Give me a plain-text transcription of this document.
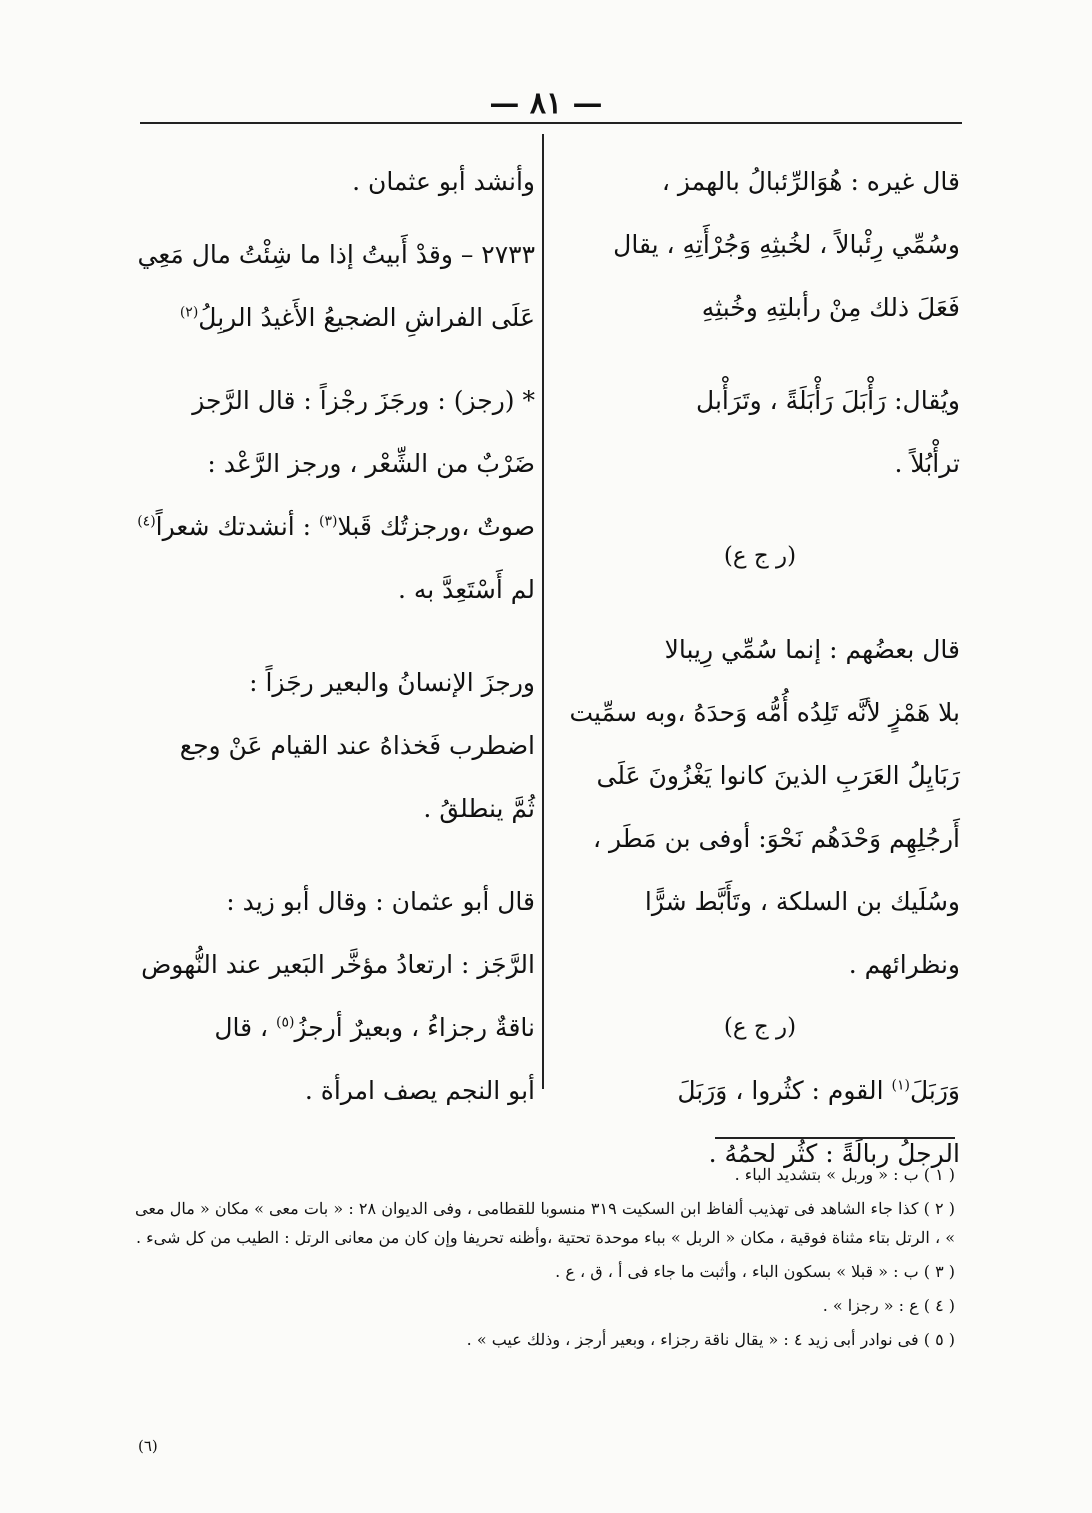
— ٨١ —

قال غيره : هُوَالرِّئبالُ بالهمز ،

وسُمِّي رِئْبالاً ، لخُبثِهِ وَجُرْأَتِهِ ، يقال

فَعَلَ ذلك مِنْ رأبلتِهِ وخُبثِهِ

ويُقال: رَأْبَلَ رَأْبَلَةً ، وتَرَأْبل

ترأْبُلاً .

(ر ج ع)

قال بعضُهم : إنما سُمِّي رِيبالا

بلا هَمْزٍ لأنَّه تَلِدُه أُمُّه وَحدَهُ ،وبه سمِّيت

رَبَايِلُ العَرَبِ الذينَ كانوا يَغْزُونَ عَلَى

أَرجُلِهِم وَحْدَهُم نَحْوَ: أوفى بن مَطَر ،

وسُلَيك بن السلكة ، وتَأَبَّط شرًّا

ونظرائهم .

(ر ج ع)

وَرَبَلَ$^{(١)}$ القوم : كثُروا ، وَرَبَلَ

الرجلُ ربالَةً : كثُر لحمُهُ .

وأنشد أبو عثمان .

٢٧٣٣ – وقدْ أَبيتُ إذا ما شِئْتُ مال مَعِي

عَلَى الفراشِ الضجيعُ الأَغيدُ الربِلُ$^{(٢)}$

* (رجز) : ورجَزَ رجْزاً : قال الرَّجز

ضَرْبٌ من الشِّعْر ، ورجز الرَّعْد :

صوتٌ ،ورجزتُك قَبلا$^{(٣)}$ : أنشدتك شعراً$^{(٤)}$

لم أَسْتَعِدَّ به .

ورجزَ الإنسانُ والبعير رجَزاً :

اضطرب فَخذاهُ عند القيام عَنْ وجع

ثُمَّ ينطلقُ .

قال أبو عثمان : وقال أبو زيد :

الرَّجَز : ارتعادُ مؤخَّر البَعير عند النُّهوض

ناقةٌ رجزاءُ ، وبعيرٌ أرجزُ$^{(٥)}$ ، قال

أبو النجم يصف امرأة .

( ١ ) ب : « وربل » بتشديد الباء .

( ٢ ) كذا جاء الشاهد فى تهذيب ألفاظ ابن السكيت ٣١٩ منسوبا للقطامى ، وفى الديوان ٢٨ : « بات معى » مكان « مال معى » ، الرتل بتاء مثناة فوقية ، مكان « الربل » بباء موحدة تحتية ،وأظنه تحريفا وإن كان من معانى الرتل : الطيب من كل شىء .

( ٣ ) ب : « قبلا » بسكون الباء ، وأثبت ما جاء فى أ ، ق ، ع .

( ٤ ) ع : « رجزا » .

( ٥ ) فى نوادر أبى زيد ٤ : « يقال ناقة رجزاء ، وبعير أرجز ، وذلك عيب » .

(٦)
